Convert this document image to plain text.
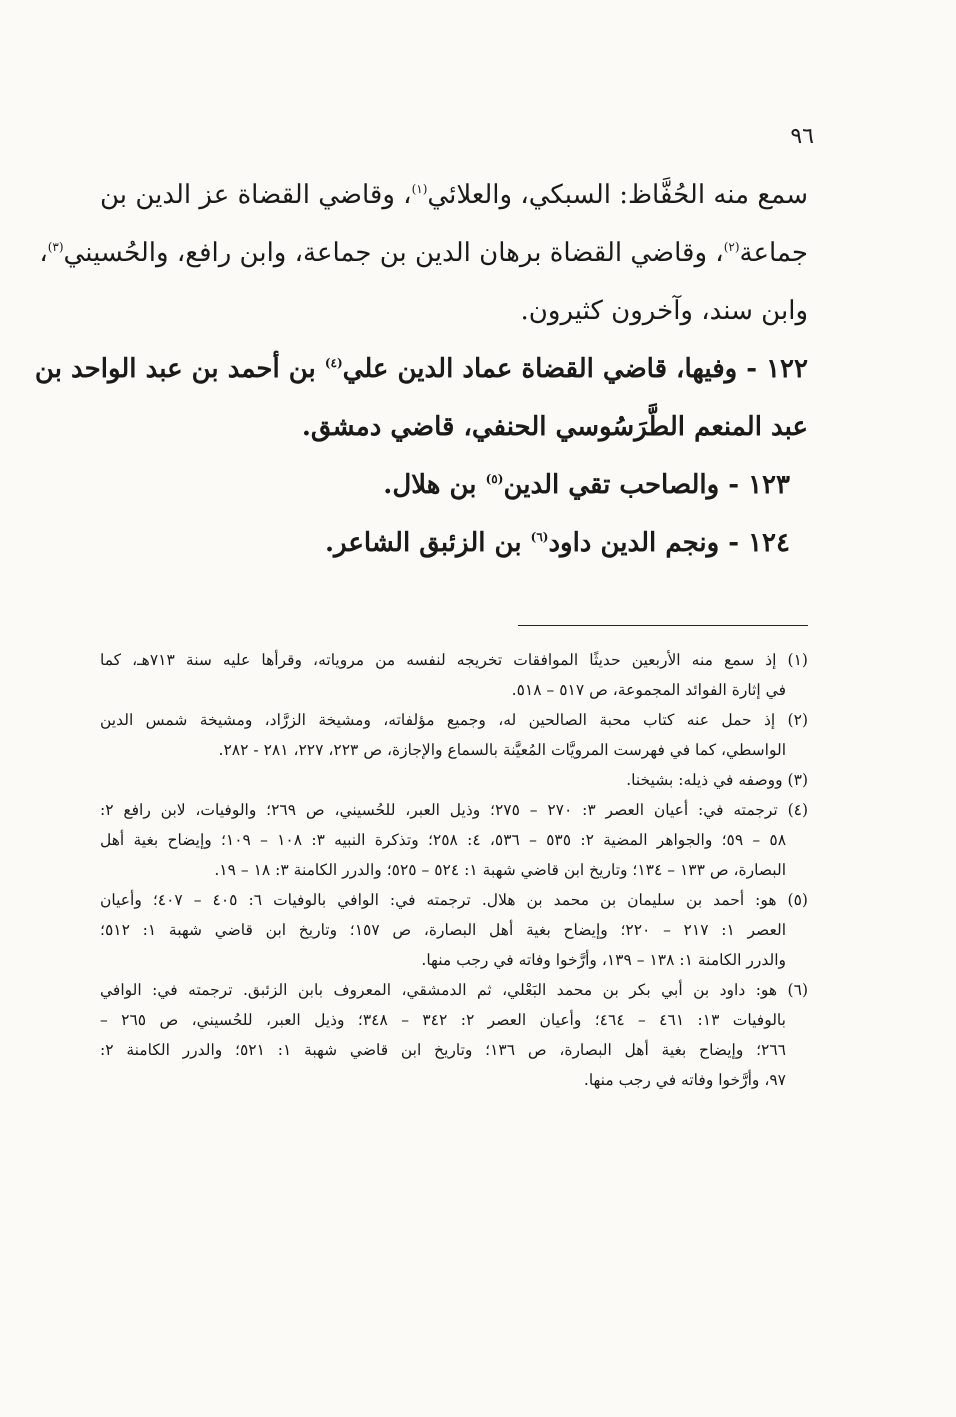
٩٦
سمع منه الحُفَّاظ: السبكي، والعلائي$^{(١)}$، وقاضي القضاة عز الدين بن
جماعة$^{(٢)}$، وقاضي القضاة برهان الدين بن جماعة، وابن رافع، والحُسيني$^{(٣)}$،
وابن سند، وآخرون كثيرون.
١٢٢ - وفيها، قاضي القضاة عماد الدين علي$^{(٤)}$ بن أحمد بن عبد الواحد بن
عبد المنعم الطَّرَسُوسي الحنفي، قاضي دمشق.
١٢٣ - والصاحب تقي الدين$^{(٥)}$ بن هلال.
١٢٤ - ونجم الدين داود$^{(٦)}$ بن الزئبق الشاعر.
(١) إذ سمع منه الأربعين حديثًا الموافقات تخريجه لنفسه من مروياته، وقرأها عليه سنة ٧١٣هـ، كما
في إثارة الفوائد المجموعة، ص ٥١٧ – ٥١٨.
(٢) إذ حمل عنه كتاب محبة الصالحين له، وجميع مؤلفاته، ومشيخة الزرَّاد، ومشيخة شمس الدين
الواسطي، كما في فهرست المرويَّات المُعيَّنة بالسماع والإجازة، ص ٢٢٣، ٢٢٧، ٢٨١ - ٢٨٢.
(٣) ووصفه في ذيله: بشيخنا.
(٤) ترجمته في: أعيان العصر ٣: ٢٧٠ – ٢٧٥؛ وذيل العبر، للحُسيني، ص ٢٦٩؛ والوفيات، لابن رافع ٢:
٥٨ – ٥٩؛ والجواهر المضية ٢: ٥٣٥ – ٥٣٦، ٤: ٢٥٨؛ وتذكرة النبيه ٣: ١٠٨ – ١٠٩؛ وإيضاح بغية أهل
البصارة، ص ١٣٣ – ١٣٤؛ وتاريخ ابن قاضي شهبة ١: ٥٢٤ – ٥٢٥؛ والدرر الكامنة ٣: ١٨ – ١٩.
(٥) هو: أحمد بن سليمان بن محمد بن هلال. ترجمته في: الوافي بالوفيات ٦: ٤٠٥ – ٤٠٧؛ وأعيان
العصر ١: ٢١٧ – ٢٢٠؛ وإيضاح بغية أهل البصارة، ص ١٥٧؛ وتاريخ ابن قاضي شهبة ١: ٥١٢؛
والدرر الكامنة ١: ١٣٨ – ١٣٩، وأرَّخوا وفاته في رجب منها.
(٦) هو: داود بن أبي بكر بن محمد البَعْلي، ثم الدمشقي، المعروف بابن الزئبق. ترجمته في: الوافي
بالوفيات ١٣: ٤٦١ – ٤٦٤؛ وأعيان العصر ٢: ٣٤٢ – ٣٤٨؛ وذيل العبر، للحُسيني، ص ٢٦٥ –
٢٦٦؛ وإيضاح بغية أهل البصارة، ص ١٣٦؛ وتاريخ ابن قاضي شهبة ١: ٥٢١؛ والدرر الكامنة ٢:
٩٧، وأرَّخوا وفاته في رجب منها.
